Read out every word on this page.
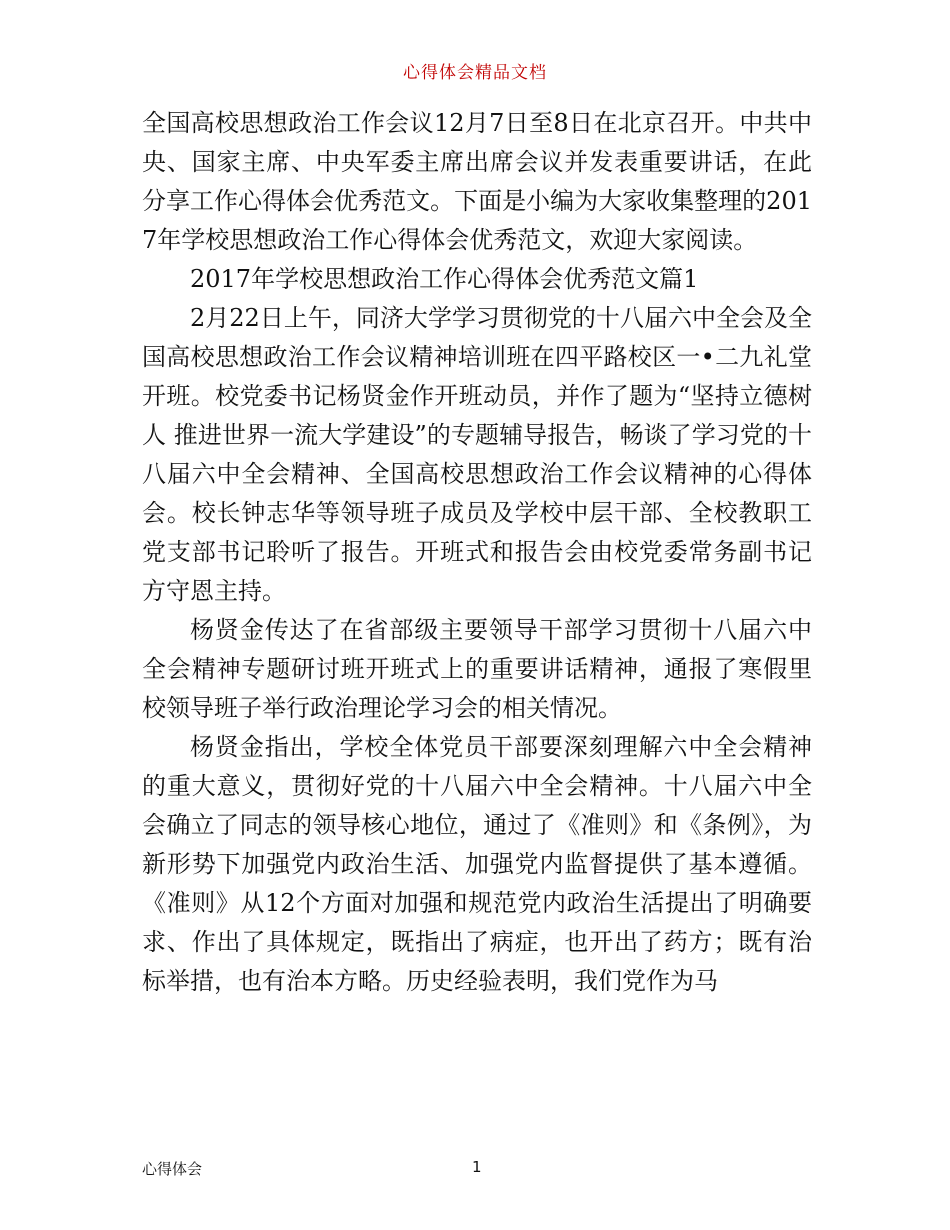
心得体会精品文档

全国高校思想政治工作会议12月7日至8日在北京召开。中共中央、国家主席、中央军委主席出席会议并发表重要讲话，在此分享工作心得体会优秀范文。下面是小编为大家收集整理的2017年学校思想政治工作心得体会优秀范文，欢迎大家阅读。

2017年学校思想政治工作心得体会优秀范文篇1

2月22日上午，同济大学学习贯彻党的十八届六中全会及全国高校思想政治工作会议精神培训班在四平路校区一•二九礼堂开班。校党委书记杨贤金作开班动员，并作了题为“坚持立德树人 推进世界一流大学建设”的专题辅导报告，畅谈了学习党的十八届六中全会精神、全国高校思想政治工作会议精神的心得体会。校长钟志华等领导班子成员及学校中层干部、全校教职工党支部书记聆听了报告。开班式和报告会由校党委常务副书记方守恩主持。

杨贤金传达了在省部级主要领导干部学习贯彻十八届六中全会精神专题研讨班开班式上的重要讲话精神，通报了寒假里校领导班子举行政治理论学习会的相关情况。

杨贤金指出，学校全体党员干部要深刻理解六中全会精神的重大意义，贯彻好党的十八届六中全会精神。十八届六中全会确立了同志的领导核心地位，通过了《准则》和《条例》，为新形势下加强党内政治生活、加强党内监督提供了基本遵循。《准则》从12个方面对加强和规范党内政治生活提出了明确要求、作出了具体规定，既指出了病症，也开出了药方；既有治标举措，也有治本方略。历史经验表明，我们党作为马

心得体会	1
